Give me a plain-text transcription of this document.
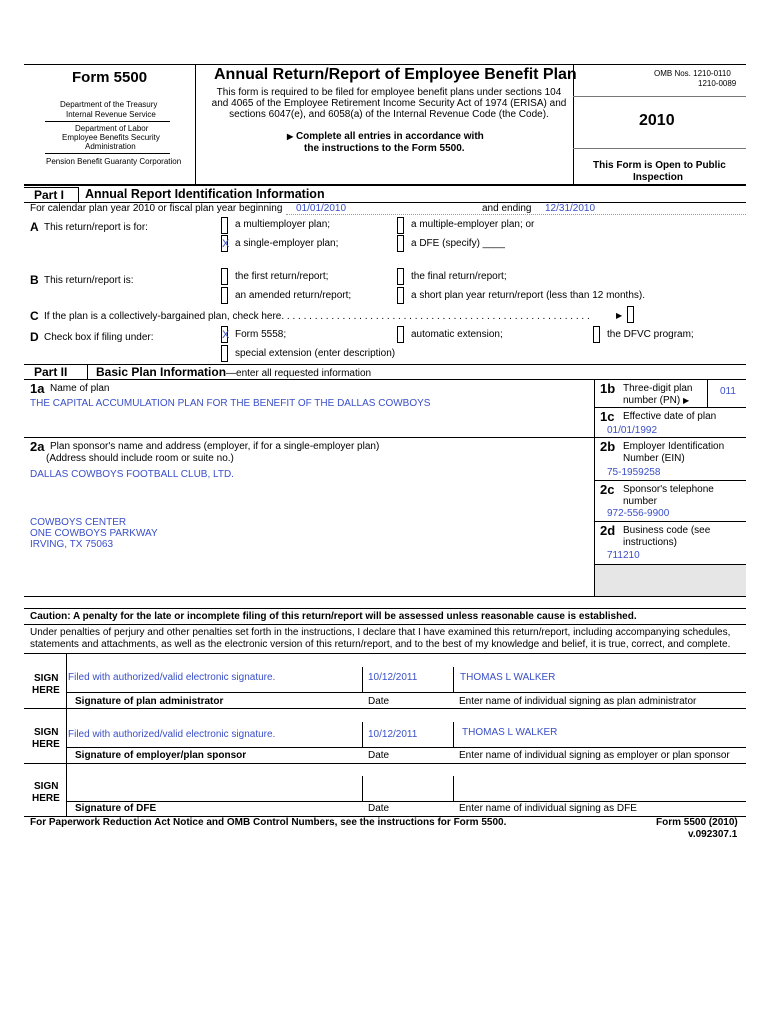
Form 5500
Department of the Treasury
Internal Revenue Service
Department of Labor
Employee Benefits Security
Administration
Pension Benefit Guaranty Corporation
Annual Return/Report of Employee Benefit Plan
This form is required to be filed for employee benefit plans under sections 104
and 4065 of the Employee Retirement Income Security Act of 1974 (ERISA) and
sections 6047(e), and 6058(a) of the Internal Revenue Code (the Code).
▶ Complete all entries in accordance with
the instructions to the Form 5500.
OMB Nos. 1210-0110
1210-0089
2010
This Form is Open to Public
Inspection
Part I	Annual Report Identification Information
For calendar plan year 2010 or fiscal plan year beginning 01/01/2010	and ending 12/31/2010
A This return/report is for:	a multiemployer plan;	a multiple-employer plan; or
X a single-employer plan;	a DFE (specify) ____
B This return/report is:	the first return/report;	the final return/report;
an amended return/report;	a short plan year return/report (less than 12 months).
C If the plan is a collectively-bargained plan, check here. . . . . . . . . . . . . . . . . . . . . . . . . . . . . . . . . . . . . . . . . . . . . . . . . . . . . . . .	▶
D Check box if filing under:	X Form 5558;	automatic extension;	the DFVC program;
special extension (enter description)
Part II	Basic Plan Information—enter all requested information
1a Name of plan
THE CAPITAL ACCUMULATION PLAN FOR THE BENEFIT OF THE DALLAS COWBOYS
1b Three-digit plan
number (PN) ▶
011
1c Effective date of plan
01/01/1992
2a Plan sponsor's name and address (employer, if for a single-employer plan)
(Address should include room or suite no.)
DALLAS COWBOYS FOOTBALL CLUB, LTD.
COWBOYS CENTER
ONE COWBOYS PARKWAY
IRVING, TX 75063
2b Employer Identification
Number (EIN)
75-1959258
2c Sponsor's telephone
number
972-556-9900
2d Business code (see
instructions)
711210
Caution: A penalty for the late or incomplete filing of this return/report will be assessed unless reasonable cause is established.
Under penalties of perjury and other penalties set forth in the instructions, I declare that I have examined this return/report, including accompanying schedules,
statements and attachments, as well as the electronic version of this return/report, and to the best of my knowledge and belief, it is true, correct, and complete.
SIGN
HERE
Filed with authorized/valid electronic signature.	10/12/2011	THOMAS L WALKER
Signature of plan administrator	Date	Enter name of individual signing as plan administrator
SIGN
HERE
Filed with authorized/valid electronic signature.	10/12/2011	THOMAS L WALKER
Signature of employer/plan sponsor	Date	Enter name of individual signing as employer or plan sponsor
SIGN
HERE
Signature of DFE	Date	Enter name of individual signing as DFE
For Paperwork Reduction Act Notice and OMB Control Numbers, see the instructions for Form 5500.	Form 5500 (2010)
v.092307.1
